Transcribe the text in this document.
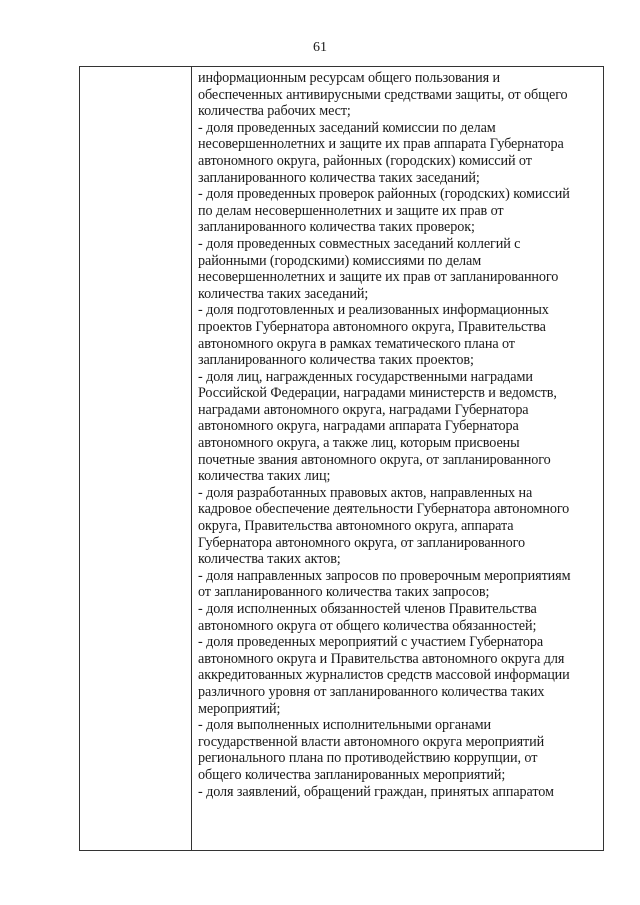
61

информационным ресурсам общего пользования и
обеспеченных антивирусными средствами защиты, от общего
количества рабочих мест;
- доля проведенных заседаний комиссии по делам
несовершеннолетних и защите их прав аппарата Губернатора
автономного округа, районных (городских) комиссий от
запланированного количества таких заседаний;
- доля проведенных проверок районных (городских) комиссий
по делам несовершеннолетних и защите их прав от
запланированного количества таких проверок;
- доля проведенных совместных заседаний коллегий с
районными (городскими) комиссиями по делам
несовершеннолетних и защите их прав от запланированного
количества таких заседаний;
- доля подготовленных и реализованных информационных
проектов Губернатора автономного округа, Правительства
автономного округа в рамках тематического плана от
запланированного количества таких проектов;
- доля лиц, награжденных государственными наградами
Российской Федерации, наградами министерств и ведомств,
наградами автономного округа, наградами Губернатора
автономного округа, наградами аппарата Губернатора
автономного округа, а также лиц, которым присвоены
почетные звания автономного округа, от запланированного
количества таких лиц;
- доля разработанных правовых актов, направленных на
кадровое обеспечение деятельности Губернатора автономного
округа, Правительства автономного округа, аппарата
Губернатора автономного округа, от запланированного
количества таких актов;
- доля направленных запросов по проверочным мероприятиям
от запланированного количества таких запросов;
- доля исполненных обязанностей членов Правительства
автономного округа от общего количества обязанностей;
- доля проведенных мероприятий с участием Губернатора
автономного округа и Правительства автономного округа для
аккредитованных журналистов средств массовой информации
различного уровня от запланированного количества таких
мероприятий;
- доля выполненных исполнительными органами
государственной власти автономного округа мероприятий
регионального плана по противодействию коррупции, от
общего количества запланированных мероприятий;
- доля заявлений, обращений граждан, принятых аппаратом
